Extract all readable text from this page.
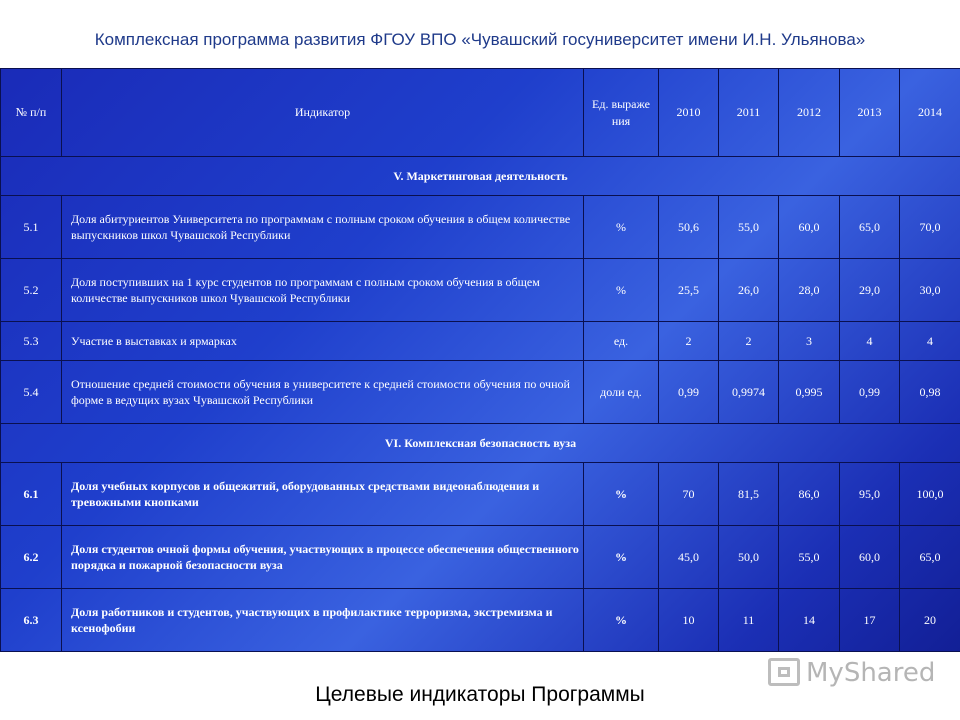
Комплексная программа развития ФГОУ ВПО «Чувашский госуниверситет имени И.Н. Ульянова»
№ п/п	Индикатор	Ед. выраже ния	2010	2011	2012	2013	2014
V. Маркетинговая деятельность							
5.1	Доля абитуриентов Университета по программам с полным сроком обучения в общем количестве выпускников школ Чувашской Республики	%	50,6	55,0	60,0	65,0	70,0
5.2	Доля поступивших на 1 курс студентов по программам с полным сроком обучения в общем количестве выпускников школ Чувашской Республики	%	25,5	26,0	28,0	29,0	30,0
5.3	Участие в выставках и ярмарках	ед.	2	2	3	4	4
5.4	Отношение средней стоимости обучения в университете к средней стоимости обучения по очной форме в ведущих вузах Чувашской Республики	доли ед.	0,99	0,9974	0,995	0,99	0,98
VI. Комплексная безопасность вуза							
6.1	Доля учебных корпусов и общежитий, оборудованных средствами видеонаблюдения и тревожными кнопками	%	70	81,5	86,0	95,0	100,0
6.2	Доля студентов очной формы обучения, участвующих в процессе обеспечения общественного порядка и пожарной безопасности вуза	%	45,0	50,0	55,0	60,0	65,0
6.3	Доля работников и студентов, участвующих в профилактике терроризма, экстремизма и ксенофобии	%	10	11	14	17	20
MyShared
Целевые индикаторы Программы
